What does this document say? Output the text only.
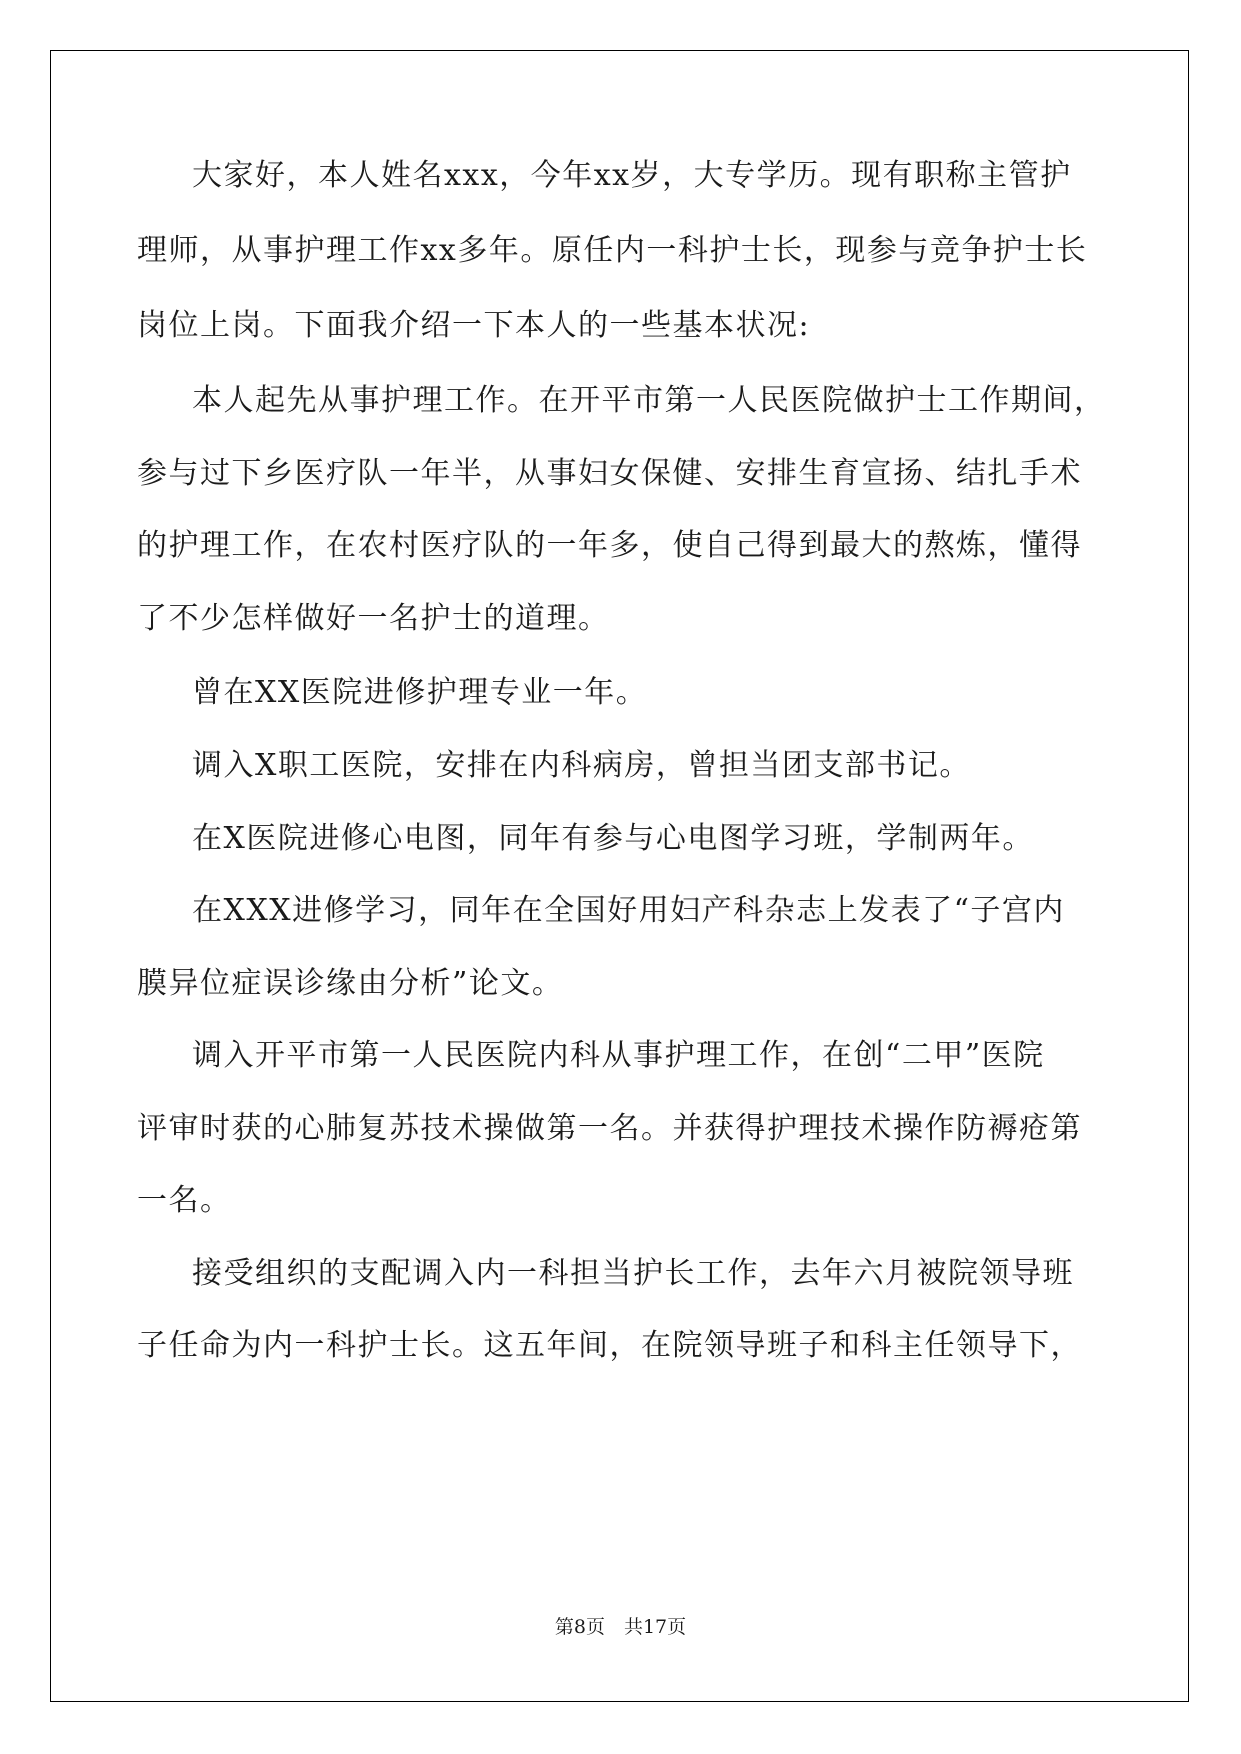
大家好，本人姓名xxx，今年xx岁，大专学历。现有职称主管护

理师，从事护理工作xx多年。原任内一科护士长，现参与竞争护士长

岗位上岗。下面我介绍一下本人的一些基本状况:

本人起先从事护理工作。在开平市第一人民医院做护士工作期间，

参与过下乡医疗队一年半，从事妇女保健、安排生育宣扬、结扎手术

的护理工作，在农村医疗队的一年多，使自己得到最大的熬炼，懂得

了不少怎样做好一名护士的道理。

曾在XX医院进修护理专业一年。

调入X职工医院，安排在内科病房，曾担当团支部书记。

在X医院进修心电图，同年有参与心电图学习班，学制两年。

在XXX进修学习，同年在全国好用妇产科杂志上发表了“子宫内

膜异位症误诊缘由分析”论文。

调入开平市第一人民医院内科从事护理工作，在创“二甲”医院

评审时获的心肺复苏技术操做第一名。并获得护理技术操作防褥疮第

一名。

接受组织的支配调入内一科担当护长工作，去年六月被院领导班

子任命为内一科护士长。这五年间，在院领导班子和科主任领导下，

第8页　共17页
